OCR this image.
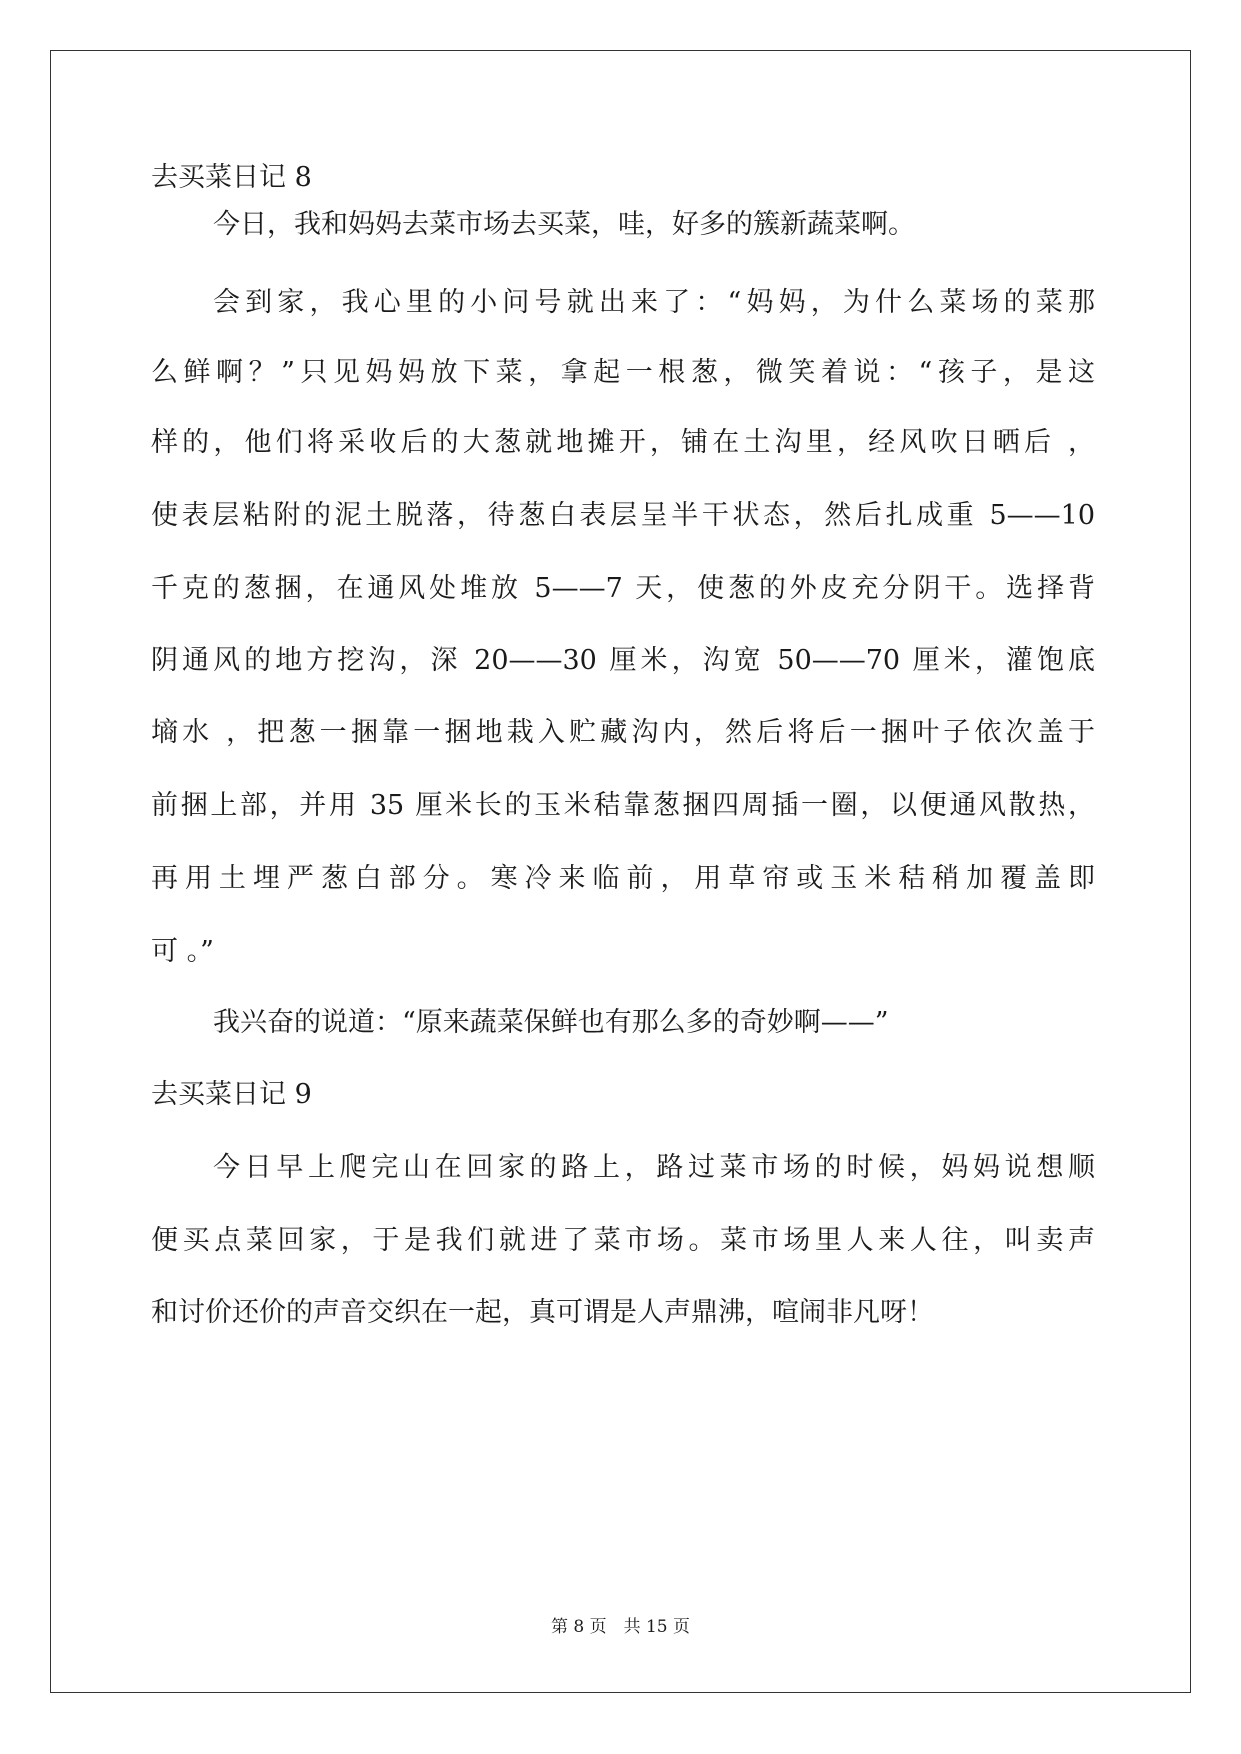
去买菜日记 8
今日，我和妈妈去菜市场去买菜，哇，好多的簇新蔬菜啊。
会到家，我心里的小问号就出来了：“妈妈，为什么菜场的菜那
么鲜啊？”只见妈妈放下菜，拿起一根葱，微笑着说：“孩子，是这
样的，他们将采收后的大葱就地摊开，铺在土沟里，经风吹日晒后 ，
使表层粘附的泥土脱落，待葱白表层呈半干状态，然后扎成重 5——10
千克的葱捆，在通风处堆放 5——7 天，使葱的外皮充分阴干。选择背
阴通风的地方挖沟，深 20——30 厘米，沟宽 50——70 厘米，灌饱底
墒水 ，把葱一捆靠一捆地栽入贮藏沟内，然后将后一捆叶子依次盖于
前捆上部，并用 35 厘米长的玉米秸靠葱捆四周插一圈，以便通风散热，
再用土埋严葱白部分。寒冷来临前，用草帘或玉米秸稍加覆盖即
可 。”
我兴奋的说道：“原来蔬菜保鲜也有那么多的奇妙啊——”
去买菜日记 9
今日早上爬完山在回家的路上，路过菜市场的时候，妈妈说想顺
便买点菜回家，于是我们就进了菜市场。菜市场里人来人往，叫卖声
和讨价还价的声音交织在一起，真可谓是人声鼎沸，喧闹非凡呀！
第 8 页　共 15 页
